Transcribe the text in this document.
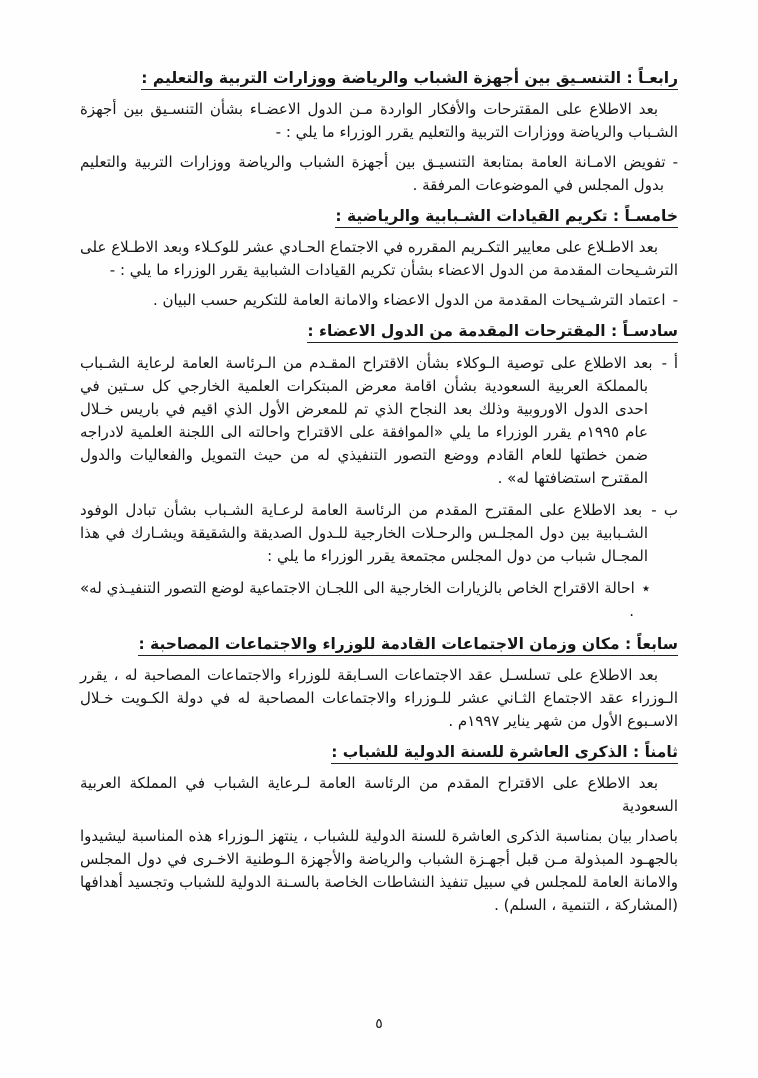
رابعـاً : التنسـيق بين أجهزة الشباب والرياضة ووزارات التربية والتعليم :

بعد الاطلاع على المقترحات والأفكار الواردة مـن الدول الاعضـاء بشأن التنسـيق بين أجهزة الشـباب والرياضة ووزارات التربية والتعليم يقرر الوزراء ما يلي : -

-تفويض الامـانة العامة بمتابعة التنسيـق بين أجهزة الشباب والرياضة ووزارات التربية والتعليم بدول المجلس في الموضوعات المرفقة .

خامسـاً : تكريم القيادات الشـبابية والرياضية :

بعد الاطـلاع على معايير التكـريم المقرره في الاجتماع الحـادي عشر للوكـلاء وبعد الاطـلاع على الترشـيحات المقدمة من الدول الاعضاء بشأن تكريم القيادات الشبابية يقرر الوزراء ما يلي : -

-اعتماد الترشـيحات المقدمة من الدول الاعضاء والامانة العامة للتكريم حسب البيان .

سادسـاً : المقترحات المقدمة من الدول الاعضاء :

أ -بعد الاطلاع على توصية الـوكلاء بشأن الاقتراح المقـدم من الـرئاسة العامة لرعاية الشـباب بالمملكة العربية السعودية بشأن اقامة معرض المبتكرات العلمية الخارجي كل سـتين في احدى الدول الاوروبية وذلك بعد النجاح الذي تم للمعرض الأول الذي اقيم في باريس خـلال عام ١٩٩٥م يقرر الوزراء ما يلي «الموافقة على الاقتراح واحالته الى اللجنة العلمية لادراجه ضمن خطتها للعام القادم ووضع التصور التنفيذي له من حيث التمويل والفعاليات والدول المقترح استضافتها له» .

ب -بعد الاطلاع على المقترح المقدم من الرئاسة العامة لرعـاية الشـباب بشأن تبادل الوفود الشـبابية بين دول المجلـس والرحـلات الخارجية للـدول الصديقة والشقيقة ويشـارك في هذا المجـال شباب من دول المجلس مجتمعة يقرر الوزراء ما يلي :

٭احالة الاقتراح الخاص بالزيارات الخارجية الى اللجـان الاجتماعية لوضع التصور التنفيـذي له» .

سابعاً : مكان وزمان الاجتماعات القادمة للوزراء والاجتماعات المصاحبة :

بعد الاطلاع على تسلسـل عقد الاجتماعات السـابقة للوزراء والاجتماعات المصاحبة له ، يقرر الـوزراء عقد الاجتماع الثـاني عشر للـوزراء والاجتماعات المصاحبة له في دولة الكـويت خـلال الاسـبوع الأول من شهر يناير ١٩٩٧م .

ثامناً : الذكرى العاشرة للسنة الدولية للشباب :

بعد الاطلاع على الاقتراح المقدم من الرئاسة العامة لـرعاية الشباب في المملكة العربية السعودية

باصدار بيان بمناسبة الذكرى العاشرة للسنة الدولية للشباب ، ينتهز الـوزراء هذه المناسبة ليشيدوا بالجهـود المبذولة مـن قبل أجهـزة الشباب والرياضة والأجهزة الـوطنية الاخـرى في دول المجلس والامانة العامة للمجلس في سبيل تنفيذ النشاطات الخاصة بالسـنة الدولية للشباب وتجسيد أهدافها (المشاركة ، التنمية ، السلم) .

٥
